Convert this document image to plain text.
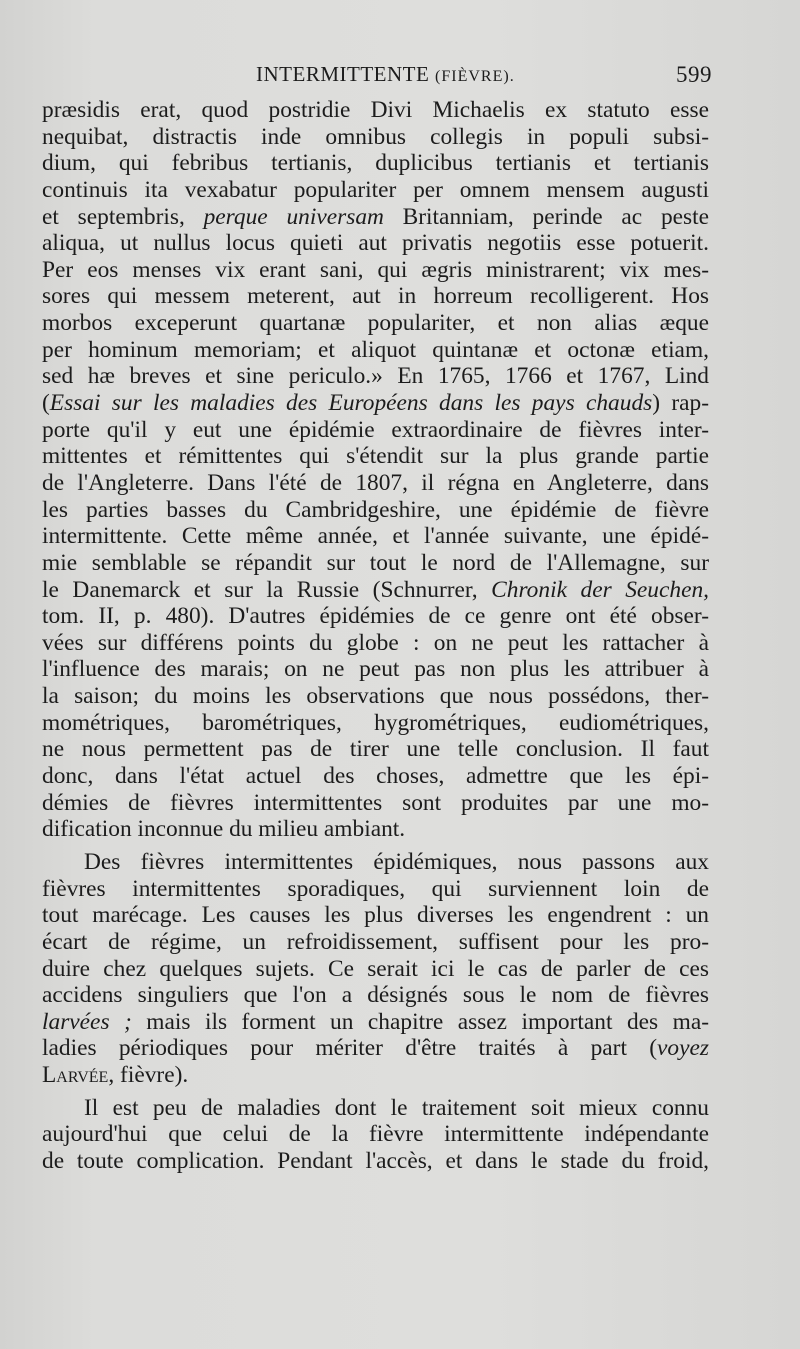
INTERMITTENTE (FIÈVRE).	599
præsidis erat, quod postridie Divi Michaelis ex statuto esse
nequibat, distractis inde omnibus collegis in populi subsi-
dium, qui febribus tertianis, duplicibus tertianis et tertianis
continuis ita vexabatur populariter per omnem mensem augusti
et septembris, perque universam Britanniam, perinde ac peste
aliqua, ut nullus locus quieti aut privatis negotiis esse potuerit.
Per eos menses vix erant sani, qui ægris ministrarent; vix mes-
sores qui messem meterent, aut in horreum recolligerent. Hos
morbos exceperunt quartanæ populariter, et non alias æque
per hominum memoriam; et aliquot quintanæ et octonæ etiam,
sed hæ breves et sine periculo.» En 1765, 1766 et 1767, Lind
(Essai sur les maladies des Européens dans les pays chauds) rap-
porte qu'il y eut une épidémie extraordinaire de fièvres inter-
mittentes et rémittentes qui s'étendit sur la plus grande partie
de l'Angleterre. Dans l'été de 1807, il régna en Angleterre, dans
les parties basses du Cambridgeshire, une épidémie de fièvre
intermittente. Cette même année, et l'année suivante, une épidé-
mie semblable se répandit sur tout le nord de l'Allemagne, sur
le Danemarck et sur la Russie (Schnurrer, Chronik der Seuchen,
tom. II, p. 480). D'autres épidémies de ce genre ont été obser-
vées sur différens points du globe : on ne peut les rattacher à
l'influence des marais; on ne peut pas non plus les attribuer à
la saison; du moins les observations que nous possédons, ther-
mométriques, barométriques, hygrométriques, eudiométriques,
ne nous permettent pas de tirer une telle conclusion. Il faut
donc, dans l'état actuel des choses, admettre que les épi-
démies de fièvres intermittentes sont produites par une mo-
dification inconnue du milieu ambiant.
Des fièvres intermittentes épidémiques, nous passons aux
fièvres intermittentes sporadiques, qui surviennent loin de
tout marécage. Les causes les plus diverses les engendrent : un
écart de régime, un refroidissement, suffisent pour les pro-
duire chez quelques sujets. Ce serait ici le cas de parler de ces
accidens singuliers que l'on a désignés sous le nom de fièvres
larvées ; mais ils forment un chapitre assez important des ma-
ladies périodiques pour mériter d'être traités à part (voyez
Larvée, fièvre).
Il est peu de maladies dont le traitement soit mieux connu
aujourd'hui que celui de la fièvre intermittente indépendante
de toute complication. Pendant l'accès, et dans le stade du froid,
